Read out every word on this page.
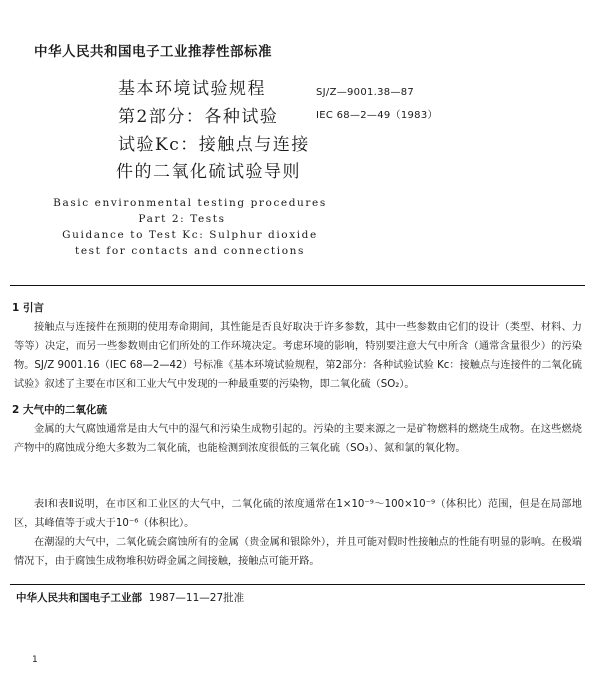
中华人民共和国电子工业推荐性部标准
基本环境试验规程
第2部分：各种试验
试验Kc：接触点与连接
件的二氧化硫试验导则
SJ/Z—9001.38—87
IEC 68—2—49（1983）
Basic environmental testing procedures
Part 2: Tests
Guidance to Test Kc: Sulphur dioxide
test for contacts and connections
1 引言
接触点与连接件在预期的使用寿命期间，其性能是否良好取决于许多参数，其中一些参数由它们的设计（类型、材料、力等等）决定，而另一些参数则由它们所处的工作环境决定。考虑环境的影响，特别要注意大气中所含（通常含量很少）的污染物。SJ/Z 9001.16（IEC 68—2—42）号标准《基本环境试验规程，第2部分：各种试验试验 Kc：接触点与连接件的二氧化硫试验》叙述了主要在市区和工业大气中发现的一种最重要的污染物，即二氧化硫（SO₂）。
2 大气中的二氧化硫
金属的大气腐蚀通常是由大气中的湿气和污染生成物引起的。污染的主要来源之一是矿物燃料的燃烧生成物。在这些燃烧产物中的腐蚀成分绝大多数为二氧化硫，也能检测到浓度很低的三氧化硫（SO₃）、氮和氯的氧化物。
表Ⅰ和表Ⅱ说明，在市区和工业区的大气中，二氧化硫的浓度通常在1×10⁻⁹～100×10⁻⁹（体积比）范围，但是在局部地区，其峰值等于或大于10⁻⁶（体积比）。
在潮湿的大气中，二氧化硫会腐蚀所有的金属（贵金属和银除外），并且可能对假时性接触点的性能有明显的影响。在极端情况下，由于腐蚀生成物堆积妨碍金属之间接触，接触点可能开路。
中华人民共和国电子工业部 1987—11—27批准
1
